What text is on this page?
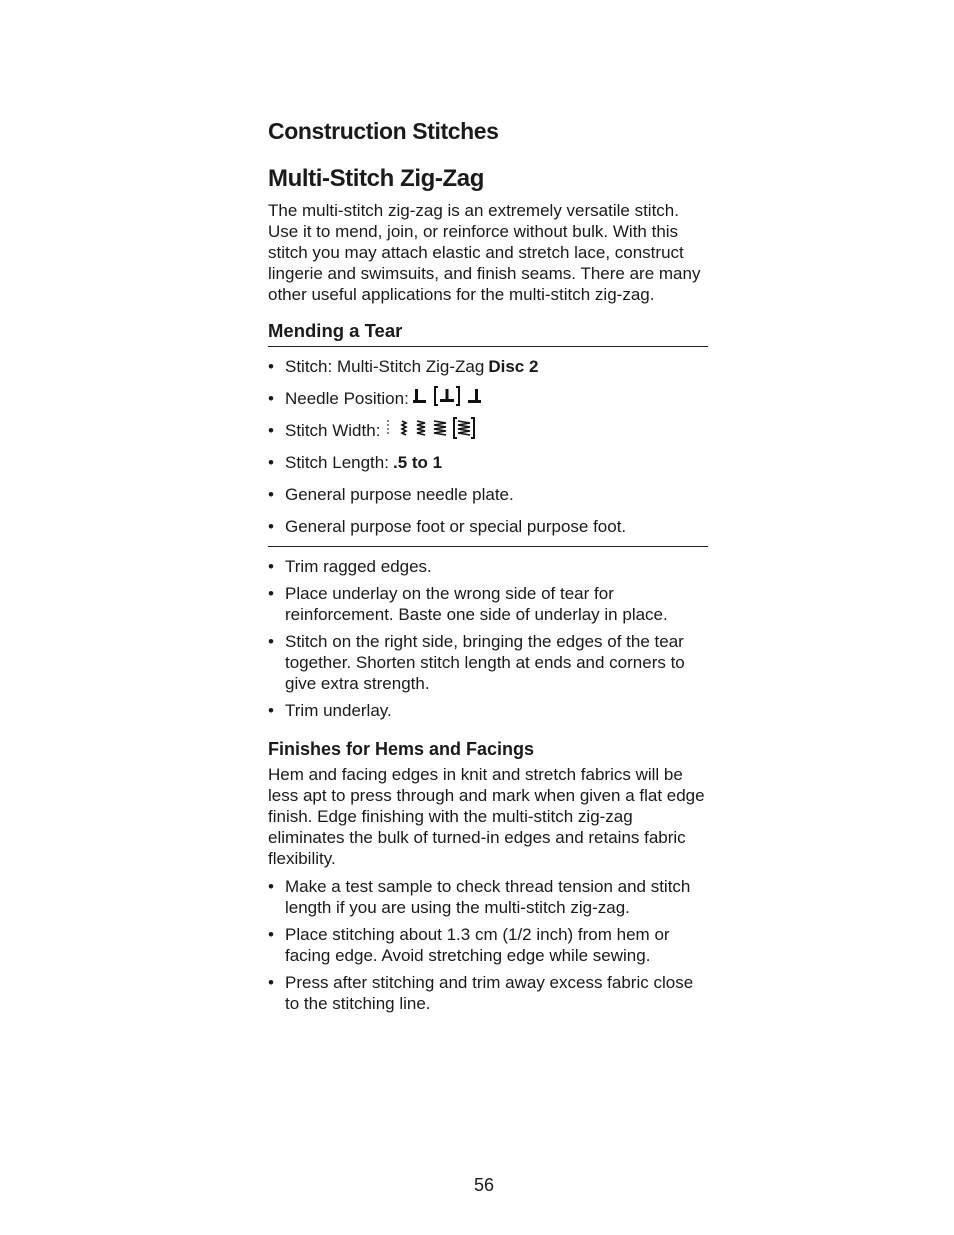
Construction Stitches
Multi-Stitch Zig-Zag

The multi-stitch zig-zag is an extremely versatile stitch. Use it to mend, join, or reinforce without bulk. With this stitch you may attach elastic and stretch lace, construct lingerie and swimsuits, and finish seams. There are many other useful applications for the multi-stitch zig-zag.

Mending a Tear
• Stitch: Multi-Stitch Zig-Zag Disc 2
• Needle Position:
• Stitch Width:
• Stitch Length: .5 to 1
• General purpose needle plate.
• General purpose foot or special purpose foot.
• Trim ragged edges.
• Place underlay on the wrong side of tear for reinforcement. Baste one side of underlay in place.
• Stitch on the right side, bringing the edges of the tear together. Shorten stitch length at ends and corners to give extra strength.
• Trim underlay.
Finishes for Hems and Facings

Hem and facing edges in knit and stretch fabrics will be less apt to press through and mark when given a flat edge finish. Edge finishing with the multi-stitch zig-zag eliminates the bulk of turned-in edges and retains fabric flexibility.

• Make a test sample to check thread tension and stitch length if you are using the multi-stitch zig-zag.
• Place stitching about 1.3 cm (1/2 inch) from hem or facing edge. Avoid stretching edge while sewing.
• Press after stitching and trim away excess fabric close to the stitching line.
56
